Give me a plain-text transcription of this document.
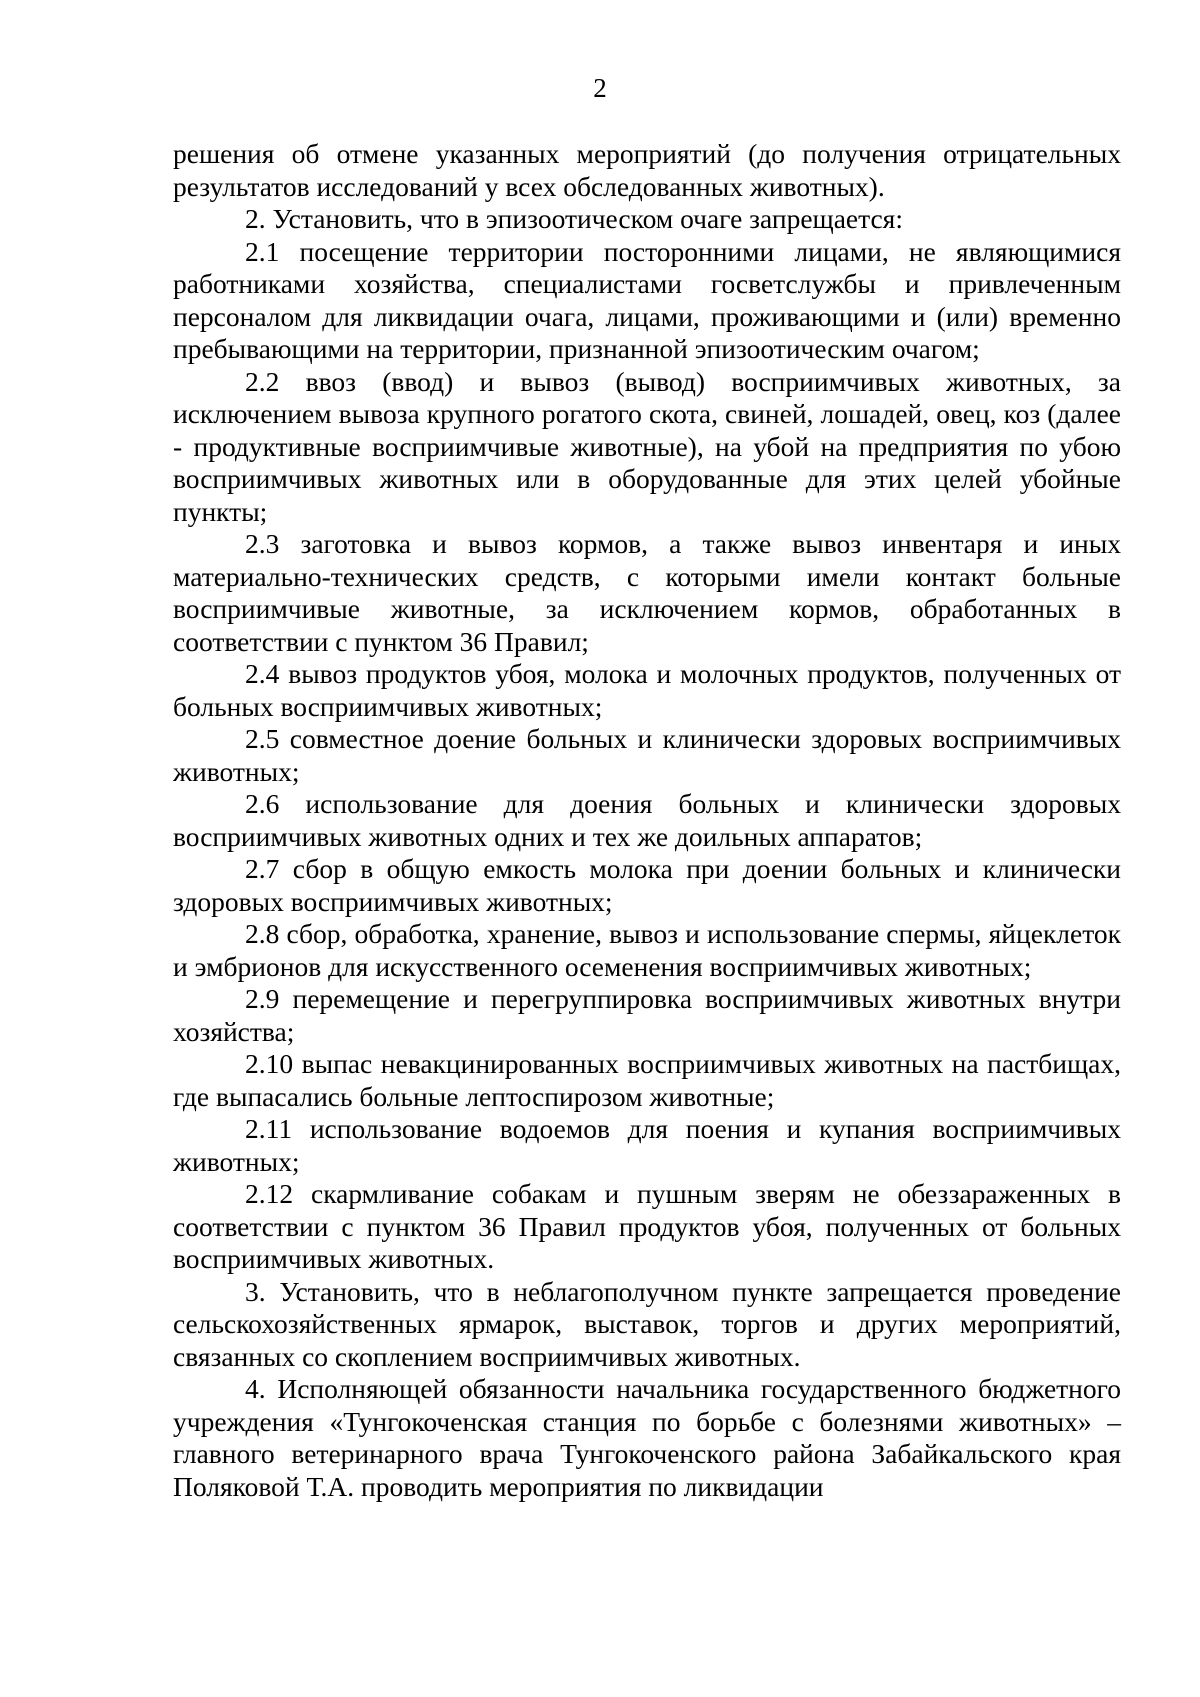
2

решения об отмене указанных мероприятий (до получения отрицательных результатов исследований у всех обследованных животных).

2. Установить, что в эпизоотическом очаге запрещается:

2.1 посещение территории посторонними лицами, не являющимися работниками хозяйства, специалистами госветслужбы и привлеченным персоналом для ликвидации очага, лицами, проживающими и (или) временно пребывающими на территории, признанной эпизоотическим очагом;

2.2 ввоз (ввод) и вывоз (вывод) восприимчивых животных, за исключением вывоза крупного рогатого скота, свиней, лошадей, овец, коз (далее - продуктивные восприимчивые животные), на убой на предприятия по убою восприимчивых животных или в оборудованные для этих целей убойные пункты;

2.3 заготовка и вывоз кормов, а также вывоз инвентаря и иных материально-технических средств, с которыми имели контакт больные восприимчивые животные, за исключением кормов, обработанных в соответствии с пунктом 36 Правил;

2.4 вывоз продуктов убоя, молока и молочных продуктов, полученных от больных восприимчивых животных;

2.5 совместное доение больных и клинически здоровых восприимчивых животных;

2.6 использование для доения больных и клинически здоровых восприимчивых животных одних и тех же доильных аппаратов;

2.7 сбор в общую емкость молока при доении больных и клинически здоровых восприимчивых животных;

2.8 сбор, обработка, хранение, вывоз и использование спермы, яйцеклеток и эмбрионов для искусственного осеменения восприимчивых животных;

2.9 перемещение и перегруппировка восприимчивых животных внутри хозяйства;

2.10 выпас невакцинированных восприимчивых животных на пастбищах, где выпасались больные лептоспирозом животные;

2.11 использование водоемов для поения и купания восприимчивых животных;

2.12 скармливание собакам и пушным зверям не обеззараженных в соответствии с пунктом 36 Правил продуктов убоя, полученных от больных восприимчивых животных.

3. Установить, что в неблагополучном пункте запрещается проведение сельскохозяйственных ярмарок, выставок, торгов и других мероприятий, связанных со скоплением восприимчивых животных.

4. Исполняющей обязанности начальника государственного бюджетного учреждения «Тунгокоченская станция по борьбе с болезнями животных» – главного ветеринарного врача Тунгокоченского района Забайкальского края Поляковой Т.А. проводить мероприятия по ликвидации
